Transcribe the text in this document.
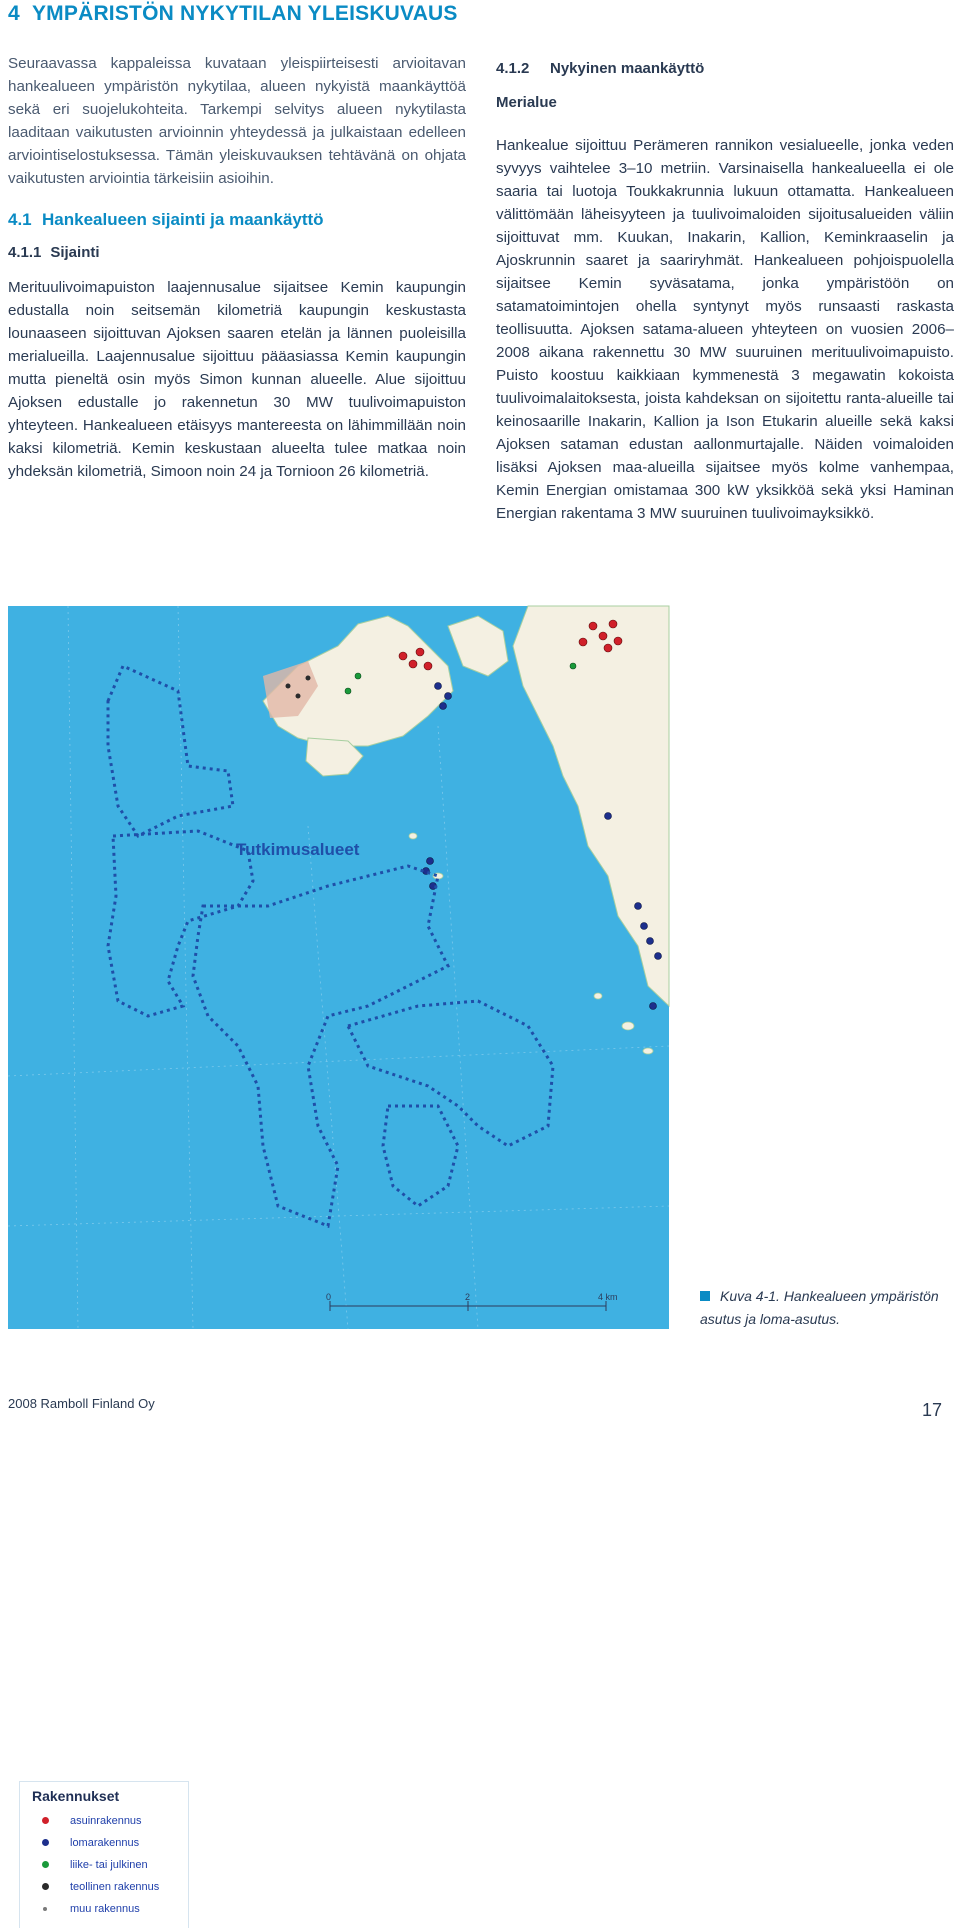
4 YMPÄRISTÖN NYKYTILAN YLEISKUVAUS

Seuraavassa kappaleissa kuvataan yleispiirteisesti arvioitavan hankealueen ympäristön nykytilaa, alueen nykyistä maankäyttöä sekä eri suojelukohteita. Tarkempi selvitys alueen nykytilasta laaditaan vaikutusten arvioinnin yhteydessä ja julkaistaan edelleen arviointiselostuksessa. Tämän yleiskuvauksen tehtävänä on ohjata vaikutusten arviointia tärkeisiin asioihin.

4.1 Hankealueen sijainti ja maankäyttö
4.1.1 Sijainti

Merituulivoimapuiston laajennusalue sijaitsee Kemin kaupungin edustalla noin seitsemän kilometriä kaupungin keskustasta lounaaseen sijoittuvan Ajoksen saaren etelän ja lännen puoleisilla merialueilla. Laajennusalue sijoittuu pääasiassa Kemin kaupungin mutta pieneltä osin myös Simon kunnan alueelle. Alue sijoittuu Ajoksen edustalle jo rakennetun 30 MW tuulivoimapuiston yhteyteen. Hankealueen etäisyys mantereesta on lähimmillään noin kaksi kilometriä. Kemin keskustaan alueelta tulee matkaa noin yhdeksän kilometriä, Simoon noin 24 ja Tornioon 26 kilometriä.

4.1.2 Nykyinen maankäyttö
Merialue

Hankealue sijoittuu Perämeren rannikon vesialueelle, jonka veden syvyys vaihtelee 3–10 metriin. Varsinaisella hankealueella ei ole saaria tai luotoja Toukkakrunnia lukuun ottamatta. Hankealueen välittömään läheisyyteen ja tuulivoimaloiden sijoitusalueiden väliin sijoittuvat mm. Kuukan, Inakarin, Kallion, Keminkraaselin ja Ajoskrunnin saaret ja saariryhmät. Hankealueen pohjoispuolella sijaitsee Kemin syväsatama, jonka ympäristöön on satamatoimintojen ohella syntynyt myös runsaasti raskasta teollisuutta. Ajoksen satama-alueen yhteyteen on vuosien 2006–2008 aikana rakennettu 30 MW suuruinen merituulivoimapuisto. Puisto koostuu kaikkiaan kymmenestä 3 megawatin kokoista tuulivoimalaitoksesta, joista kahdeksan on sijoitettu ranta-alueille tai keinosaarille Inakarin, Kallion ja Ison Etukarin alueille sekä kaksi Ajoksen sataman edustan aallonmurtajalle. Näiden voimaloiden lisäksi Ajoksen maa-alueilla sijaitsee myös kolme vanhempaa, Kemin Energian omistamaa 300 kW yksikköä sekä yksi Haminan Energian rakentama 3 MW suuruinen tuulivoimayksikkö.

Rakennukset

asuinrakennus
lomarakennus
liike- tai julkinen
teollinen rakennus
muu rakennus
0	2	4 km

Tutkimusalueet

Kuva 4-1. Hankealueen ympäristön asutus ja loma-asutus.

2008 Ramboll Finland Oy	17
